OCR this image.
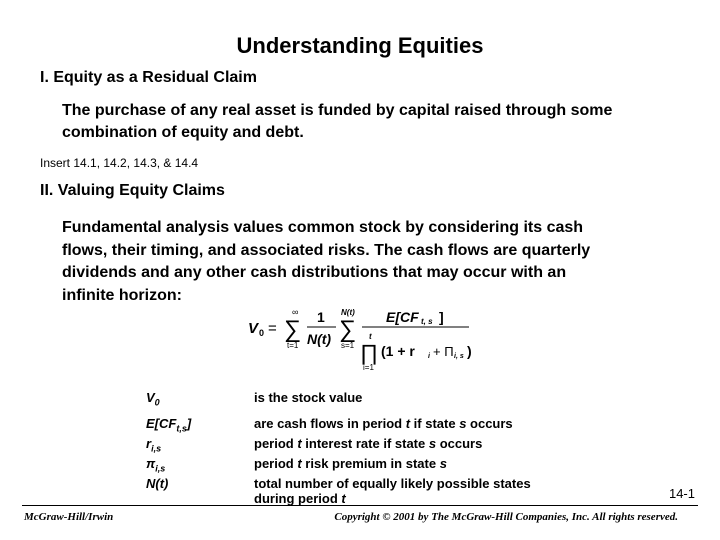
Understanding Equities
I. Equity as a Residual Claim
The purchase of any real asset is funded by capital raised through some combination of equity and debt.
Insert 14.1, 14.2, 14.3, & 14.4
II. Valuing Equity Claims
Fundamental analysis values common stock by considering its cash
flows, their timing, and associated risks. The cash flows are quarterly
dividends and any other cash distributions that may occur with an
infinite horizon:
V 0 =
∞
∑
t=1
1
N(t)
N(t)
∑
s=1
E[CF t, s ]
t
∏
i=1
(1 + r i + Π i, s )
$V_0$	is the stock value
$E[CF_{t,s}]$	are cash flows in period t if state s occurs
$r_{i,s}$	period t interest rate if state s occurs
$\pi_{i,s}$	period t risk premium in state s
N(t)	total number of equally likely possible states
during period t	14-1
McGraw-Hill/Irwin	Copyright © 2001 by The McGraw-Hill Companies, Inc. All rights reserved.
